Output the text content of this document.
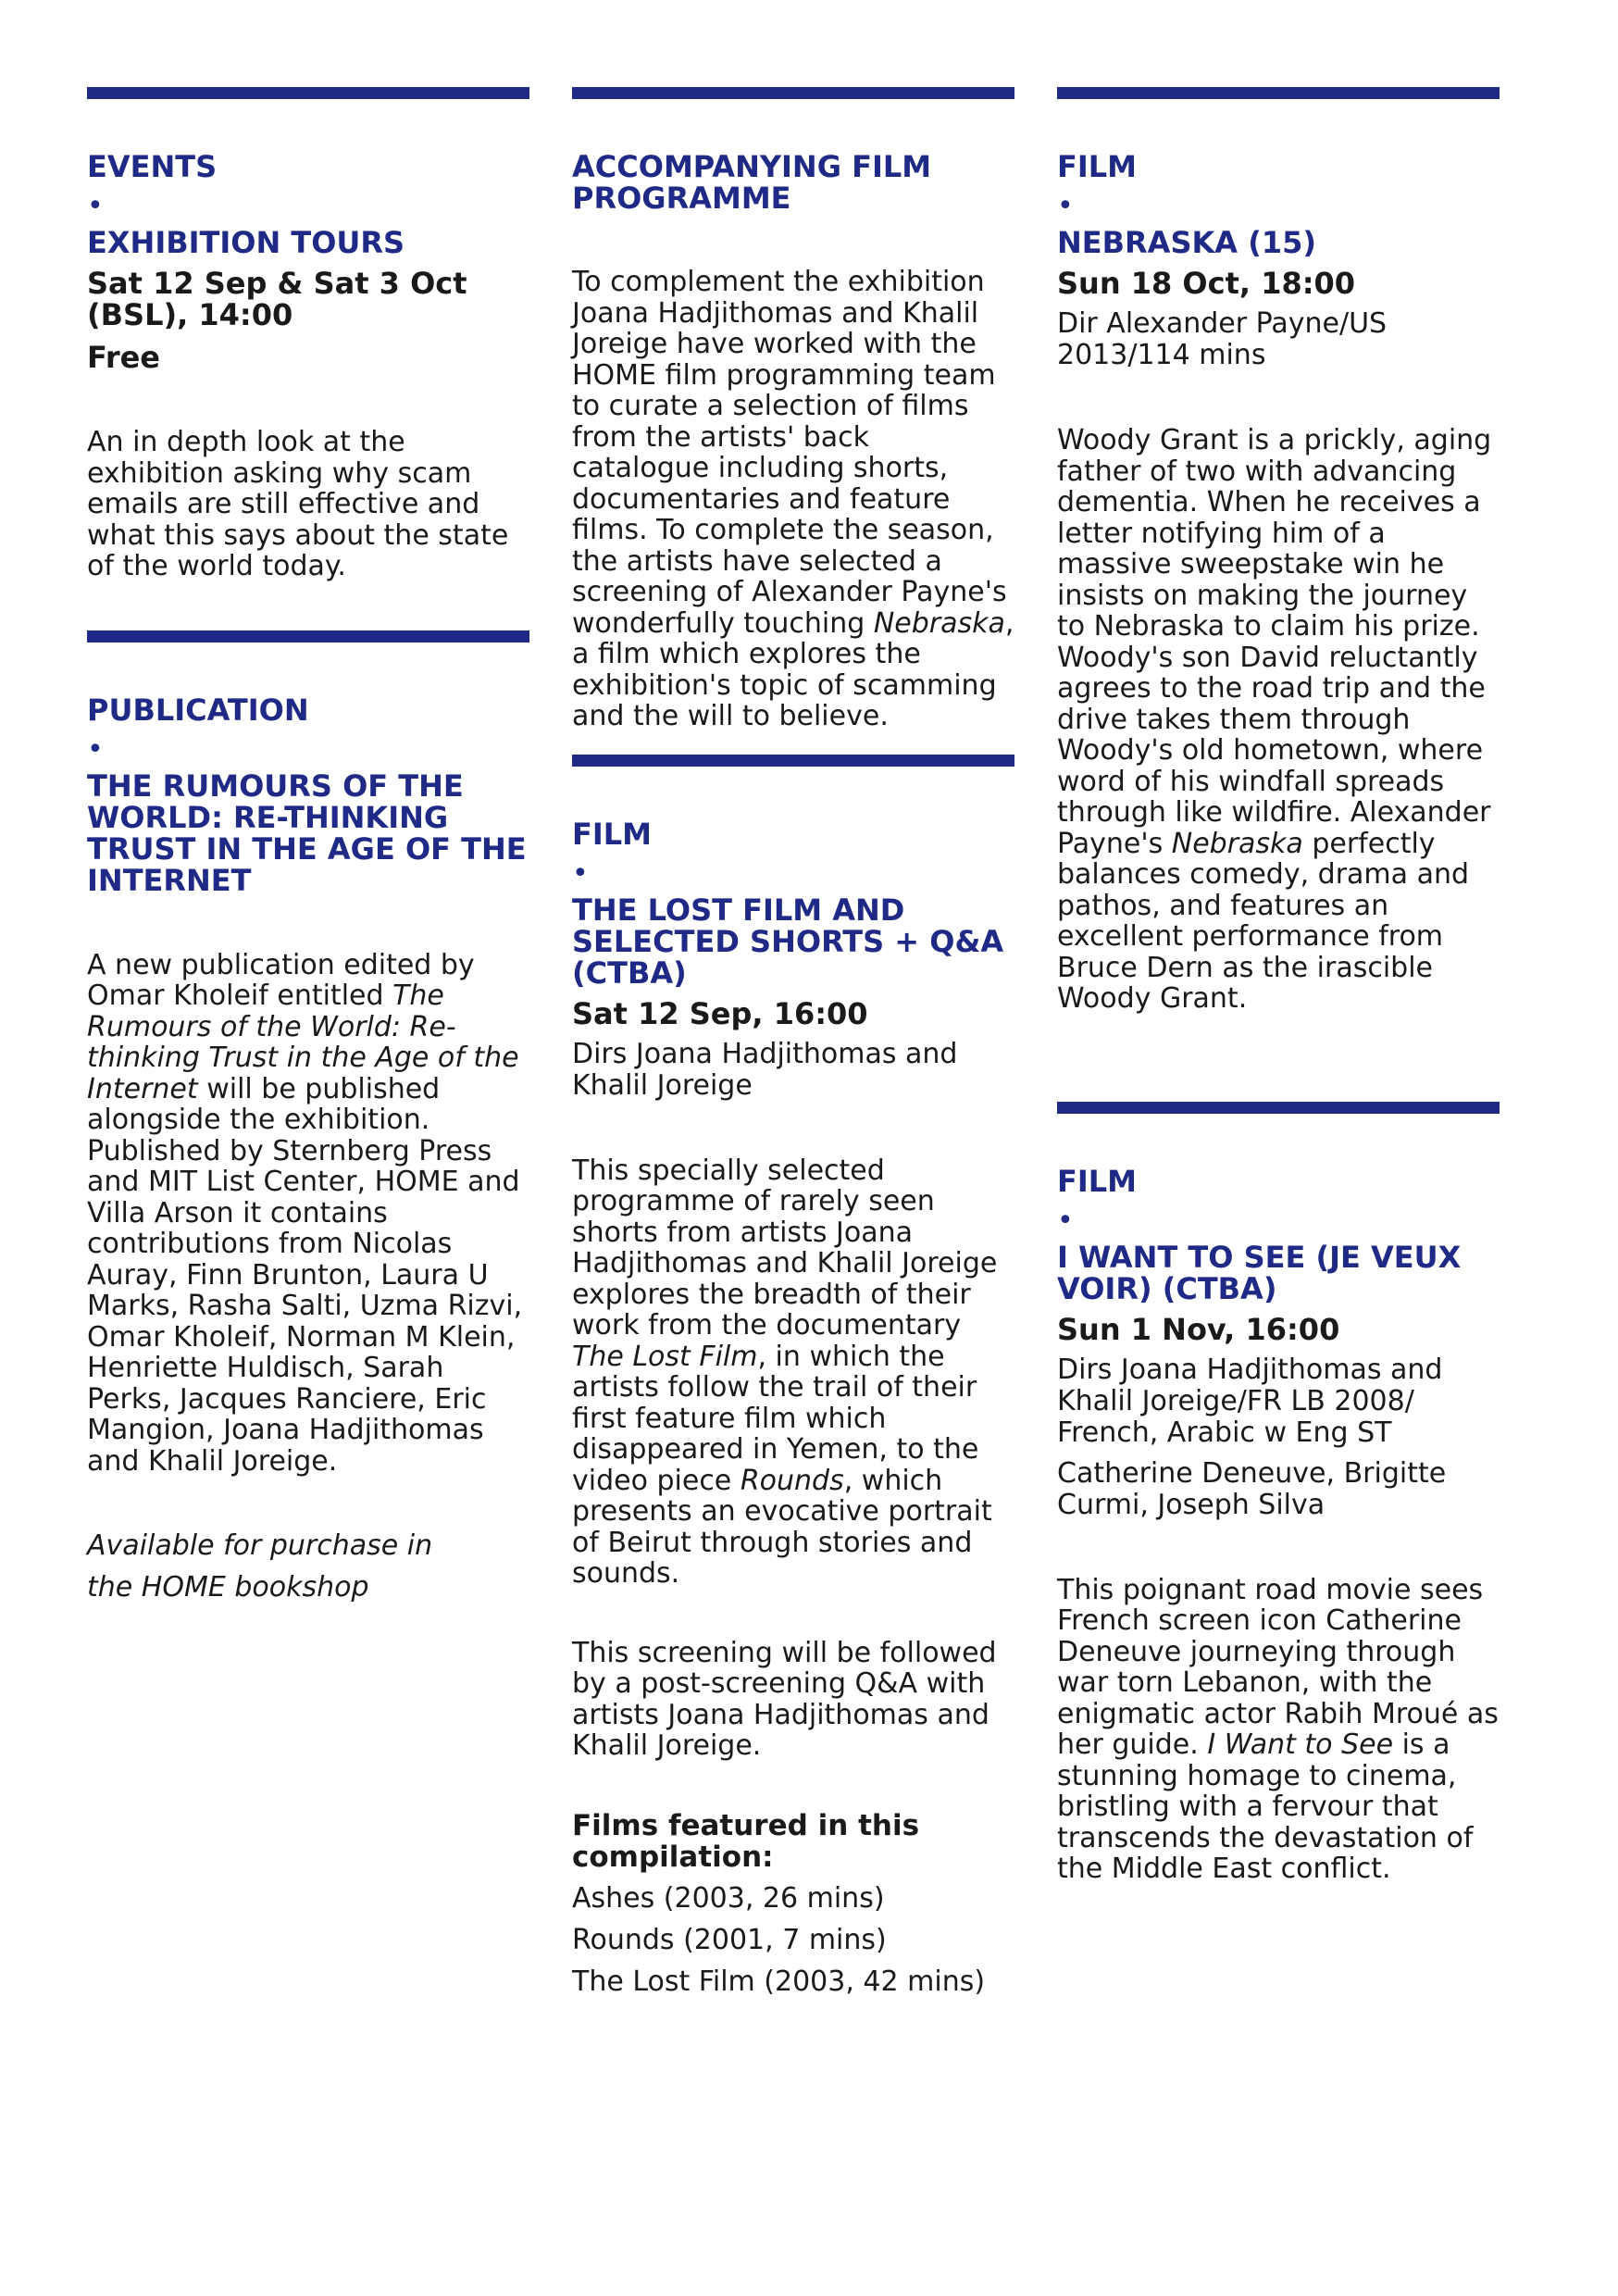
EVENTS
•
EXHIBITION TOURS
Sat 12 Sep & Sat 3 Oct (BSL), 14:00
Free

An in depth look at the exhibition asking why scam emails are still effective and what this says about the state of the world today.

PUBLICATION
•
THE RUMOURS OF THE WORLD: RE-THINKING TRUST IN THE AGE OF THE INTERNET

A new publication edited by Omar Kholeif entitled The Rumours of the World: Re-thinking Trust in the Age of the Internet will be published alongside the exhibition. Published by Sternberg Press and MIT List Center, HOME and Villa Arson it contains contributions from Nicolas Auray, Finn Brunton, Laura U Marks, Rasha Salti, Uzma Rizvi, Omar Kholeif, Norman M Klein, Henriette Huldisch, Sarah Perks, Jacques Ranciere, Eric Mangion, Joana Hadjithomas and Khalil Joreige.

Available for purchase in
the HOME bookshop
ACCOMPANYING FILM PROGRAMME

To complement the exhibition Joana Hadjithomas and Khalil Joreige have worked with the HOME film programming team to curate a selection of films from the artists' back catalogue including shorts, documentaries and feature films. To complete the season, the artists have selected a screening of Alexander Payne's wonderfully touching Nebraska, a film which explores the exhibition's topic of scamming and the will to believe.

FILM
•
THE LOST FILM AND SELECTED SHORTS + Q&A (CTBA)
Sat 12 Sep, 16:00
Dirs Joana Hadjithomas and Khalil Joreige

This specially selected programme of rarely seen shorts from artists Joana Hadjithomas and Khalil Joreige explores the breadth of their work from the documentary The Lost Film, in which the artists follow the trail of their first feature film which disappeared in Yemen, to the video piece Rounds, which presents an evocative portrait of Beirut through stories and sounds.

This screening will be followed by a post-screening Q&A with artists Joana Hadjithomas and Khalil Joreige.

Films featured in this compilation:
Ashes (2003, 26 mins)
Rounds (2001, 7 mins)
The Lost Film (2003, 42 mins)
FILM
•
NEBRASKA (15)
Sun 18 Oct, 18:00
Dir Alexander Payne/US 2013/114 mins

Woody Grant is a prickly, aging father of two with advancing dementia. When he receives a letter notifying him of a massive sweepstake win he insists on making the journey to Nebraska to claim his prize. Woody's son David reluctantly agrees to the road trip and the drive takes them through Woody's old hometown, where word of his windfall spreads through like wildfire. Alexander Payne's Nebraska perfectly balances comedy, drama and pathos, and features an excellent performance from Bruce Dern as the irascible Woody Grant.

FILM
•
I WANT TO SEE (JE VEUX VOIR) (CTBA)
Sun 1 Nov, 16:00
Dirs Joana Hadjithomas and Khalil Joreige/FR LB 2008/ French, Arabic w Eng ST
Catherine Deneuve, Brigitte Curmi, Joseph Silva

This poignant road movie sees French screen icon Catherine Deneuve journeying through war torn Lebanon, with the enigmatic actor Rabih Mroué as her guide. I Want to See is a stunning homage to cinema, bristling with a fervour that transcends the devastation of the Middle East conflict.
